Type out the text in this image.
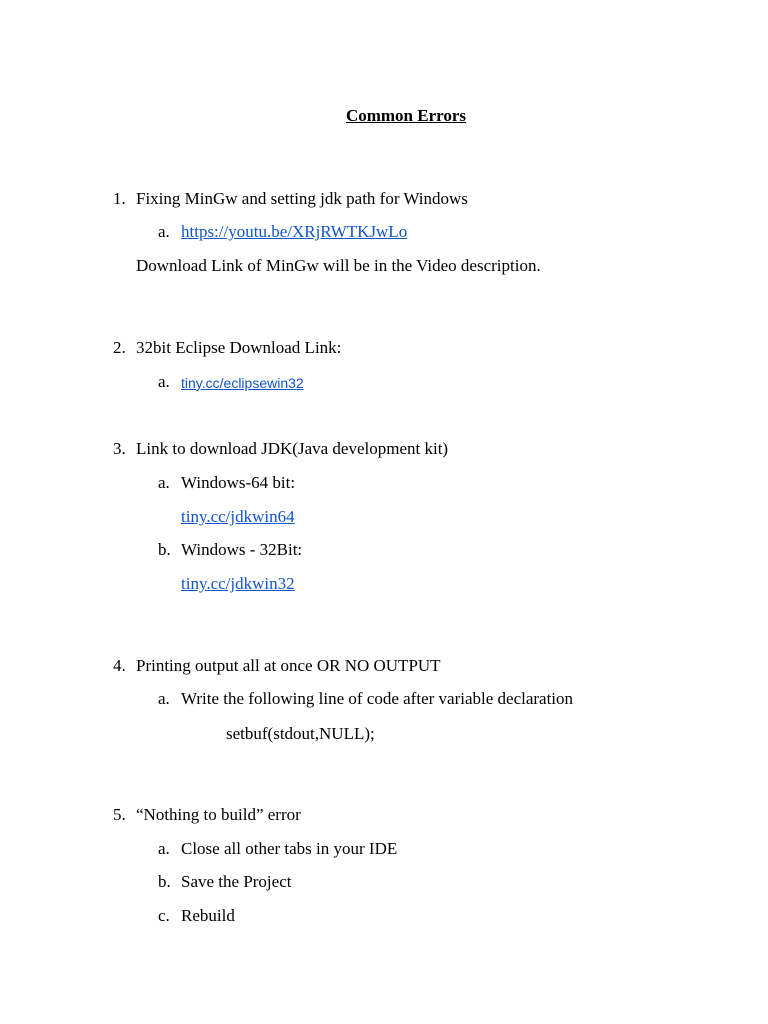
Common Errors
1. Fixing MinGw and setting jdk path for Windows
a. https://youtu.be/XRjRWTKJwLo
Download Link of MinGw will be in the Video description.
2. 32bit Eclipse Download Link:
a. tiny.cc/eclipsewin32
3. Link to download JDK(Java development kit)
a. Windows-64 bit:
tiny.cc/jdkwin64
b. Windows - 32Bit:
tiny.cc/jdkwin32
4. Printing output all at once OR NO OUTPUT
a. Write the following line of code after variable declaration
setbuf(stdout,NULL);
5. “Nothing to build” error
a. Close all other tabs in your IDE
b. Save the Project
c. Rebuild
